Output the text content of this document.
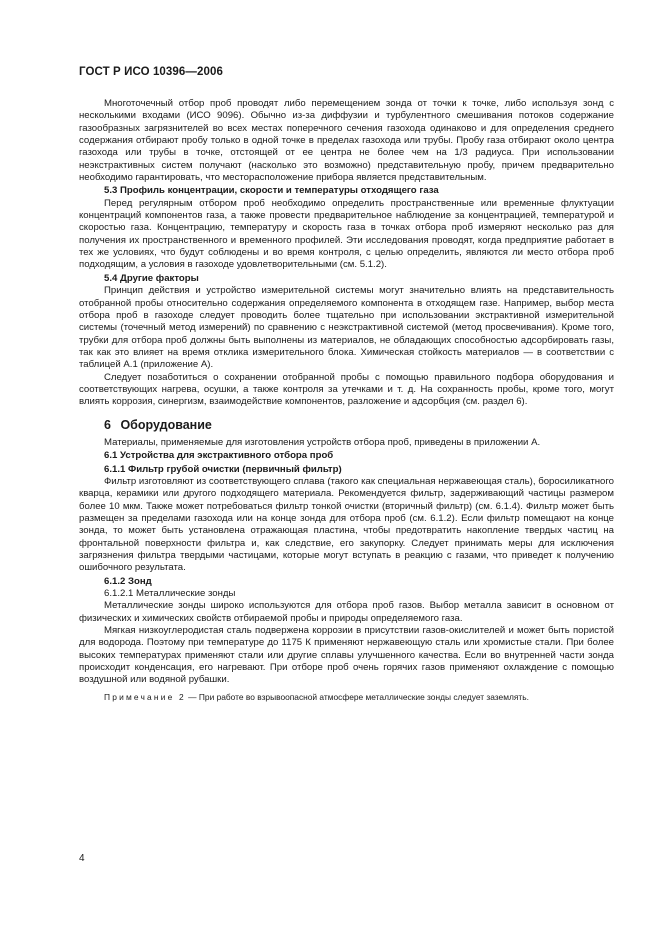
ГОСТ Р ИСО 10396—2006

Многоточечный отбор проб проводят либо перемещением зонда от точки к точке, либо используя зонд с несколькими входами (ИСО 9096). Обычно из-за диффузии и турбулентного смешивания потоков содержание газообразных загрязнителей во всех местах поперечного сечения газохода одинаково и для определения среднего содержания отбирают пробу только в одной точке в пределах газохода или трубы. Пробу газа отбирают около центра газохода или трубы в точке, отстоящей от ее центра не более чем на 1/3 радиуса. При использовании неэкстрактивных систем получают (насколько это возможно) представительную пробу, причем предварительно необходимо гарантировать, что месторасположение прибора является представительным.

5.3 Профиль концентрации, скорости и температуры отходящего газа

Перед регулярным отбором проб необходимо определить пространственные или временные флуктуации концентраций компонентов газа, а также провести предварительное наблюдение за концентрацией, температурой и скоростью газа. Концентрацию, температуру и скорость газа в точках отбора проб измеряют несколько раз для получения их пространственного и временного профилей. Эти исследования проводят, когда предприятие работает в тех же условиях, что будут соблюдены и во время контроля, с целью определить, являются ли место отбора проб подходящим, а условия в газоходе удовлетворительными (см. 5.1.2).

5.4 Другие факторы

Принцип действия и устройство измерительной системы могут значительно влиять на представительность отобранной пробы относительно содержания определяемого компонента в отходящем газе. Например, выбор места отбора проб в газоходе следует проводить более тщательно при использовании экстрактивной измерительной системы (точечный метод измерений) по сравнению с неэкстрактивной системой (метод просвечивания). Кроме того, трубки для отбора проб должны быть выполнены из материалов, не обладающих способностью адсорбировать газы, так как это влияет на время отклика измерительного блока. Химическая стойкость материалов — в соответствии с таблицей А.1 (приложение А).

Следует позаботиться о сохранении отобранной пробы с помощью правильного подбора оборудования и соответствующих нагрева, осушки, а также контроля за утечками и т. д. На сохранность пробы, кроме того, могут влиять коррозия, синергизм, взаимодействие компонентов, разложение и адсорбция (см. раздел 6).

6 Оборудование

Материалы, применяемые для изготовления устройств отбора проб, приведены в приложении А.

6.1 Устройства для экстрактивного отбора проб
6.1.1 Фильтр грубой очистки (первичный фильтр)

Фильтр изготовляют из соответствующего сплава (такого как специальная нержавеющая сталь), боросиликатного кварца, керамики или другого подходящего материала. Рекомендуется фильтр, задерживающий частицы размером более 10 мкм. Также может потребоваться фильтр тонкой очистки (вторичный фильтр) (см. 6.1.4). Фильтр может быть размещен за пределами газохода или на конце зонда для отбора проб (см. 6.1.2). Если фильтр помещают на конце зонда, то может быть установлена отражающая пластина, чтобы предотвратить накопление твердых частиц на фронтальной поверхности фильтра и, как следствие, его закупорку. Следует принимать меры для исключения загрязнения фильтра твердыми частицами, которые могут вступать в реакцию с газами, что приведет к получению ошибочного результата.

6.1.2 Зонд
6.1.2.1 Металлические зонды

Металлические зонды широко используются для отбора проб газов. Выбор металла зависит в основном от физических и химических свойств отбираемой пробы и природы определяемого газа.

Мягкая низкоуглеродистая сталь подвержена коррозии в присутствии газов-окислителей и может быть пористой для водорода. Поэтому при температуре до 1175 К применяют нержавеющую сталь или хромистые стали. При более высоких температурах применяют стали или другие сплавы улучшенного качества. Если во внутренней части зонда происходит конденсация, его нагревают. При отборе проб очень горячих газов применяют охлаждение с помощью воздушной или водяной рубашки.

Примечание 2 — При работе во взрывоопасной атмосфере металлические зонды следует заземлять.
4
